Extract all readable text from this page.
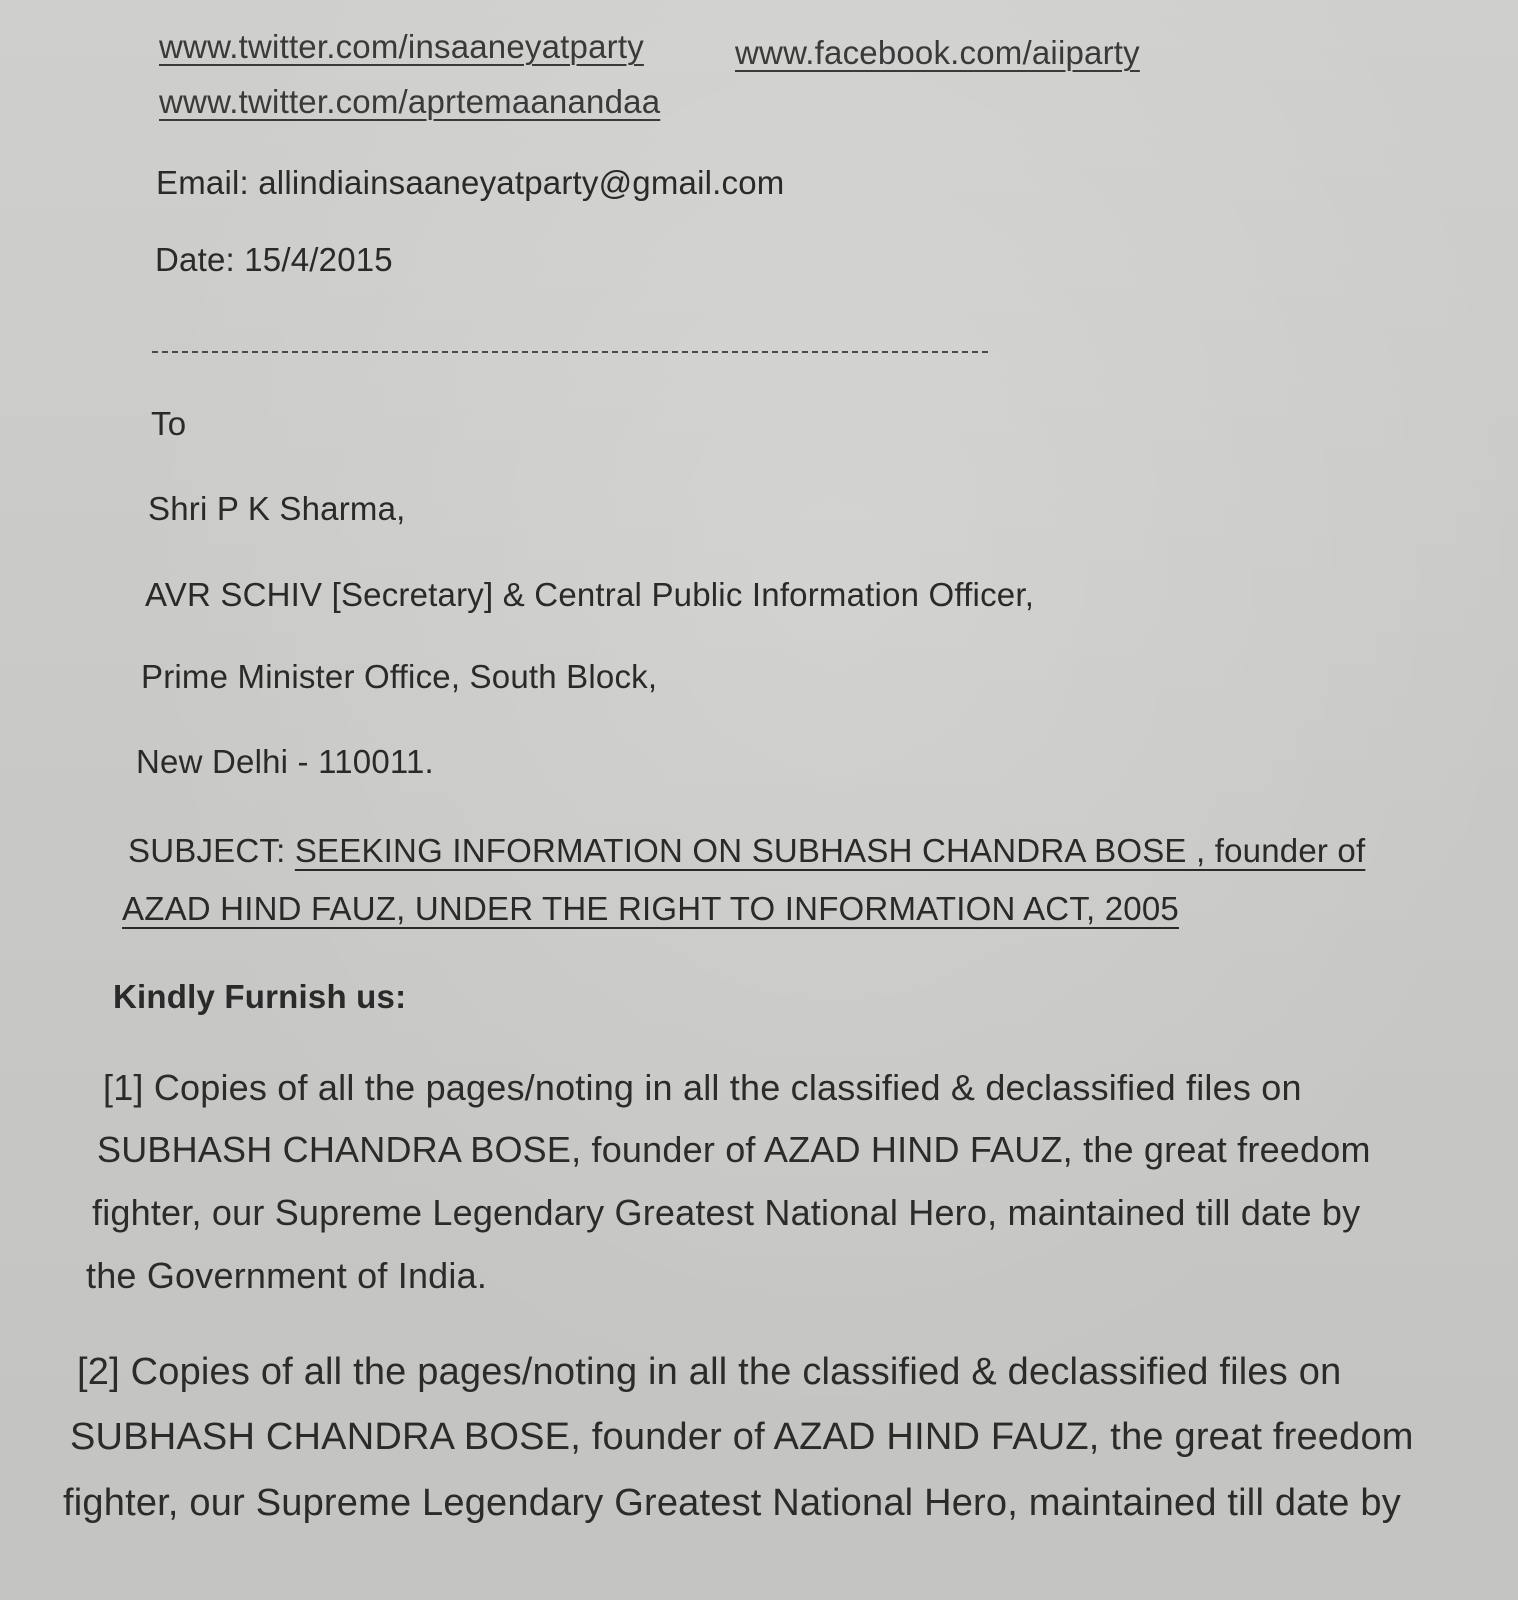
www.twitter.com/insaaneyatparty	www.facebook.com/aiiparty
www.twitter.com/aprtemaanandaa

Email: allindiainsaaneyatparty@gmail.com

Date: 15/4/2015

To

Shri P K Sharma,

AVR SCHIV [Secretary] & Central Public Information Officer,

Prime Minister Office, South Block,

New Delhi - 110011.

SUBJECT: SEEKING INFORMATION ON SUBHASH CHANDRA BOSE , founder of

AZAD HIND FAUZ, UNDER THE RIGHT TO INFORMATION ACT, 2005

Kindly Furnish us:

[1] Copies of all the pages/noting in all the classified & declassified files on

SUBHASH CHANDRA BOSE, founder of AZAD HIND FAUZ, the great freedom

fighter, our Supreme Legendary Greatest National Hero, maintained till date by

the Government of India.

[2] Copies of all the pages/noting in all the classified & declassified files on

SUBHASH CHANDRA BOSE, founder of AZAD HIND FAUZ, the great freedom

fighter, our Supreme Legendary Greatest National Hero, maintained till date by
